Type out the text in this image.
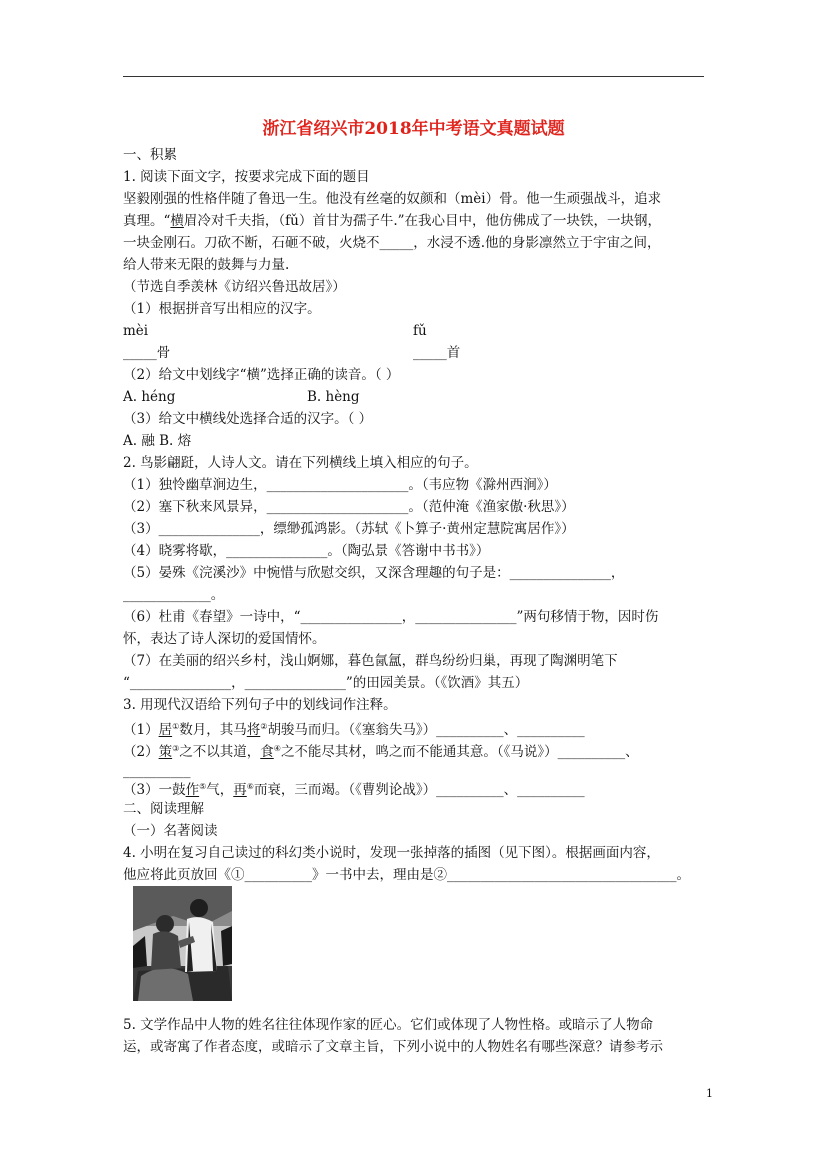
浙江省绍兴市2018年中考语文真题试题
一、积累
1. 阅读下面文字，按要求完成下面的题目
坚毅刚强的性格伴随了鲁迅一生。他没有丝毫的奴颜和（mèi）骨。他一生顽强战斗，追求
真理。“横眉冷对千夫指，（fǔ）首甘为孺子牛.”在我心目中，他仿佛成了一块铁，一块钢，
一块金刚石。刀砍不断，石砸不破，火烧不_____，水浸不透.他的身影凛然立于宇宙之间，
给人带来无限的鼓舞与力量.
（节选自季羡林《访绍兴鲁迅故居》）
（1）根据拼音写出相应的汉字。
mèi	fǔ
_____骨	_____首
（2）给文中划线字“横”选择正确的读音。（ ）
A. héng	B. hèng
（3）给文中横线处选择合适的汉字。（ ）
A. 融 B. 熔
2. 鸟影翩跹，人诗人文。请在下列横线上填入相应的句子。
（1）独怜幽草涧边生，_____________________。（韦应物《滁州西涧》）
（2）塞下秋来风景异，_____________________。（范仲淹《渔家傲·秋思》）
（3）_______________，缥缈孤鸿影。（苏轼《卜算子·黄州定慧院寓居作》）
（4）晓雾将歇，_______________。（陶弘景《答谢中书书》）
（5）晏殊《浣溪沙》中惋惜与欣慰交织，又深含理趣的句子是：_______________，
_____________。
（6）杜甫《春望》一诗中，“_______________，_______________”两句移情于物，因时伤
怀，表达了诗人深切的爱国情怀。
（7）在美丽的绍兴乡村，浅山婀娜，暮色氤氲，群鸟纷纷归巢，再现了陶渊明笔下
“_______________，_______________”的田园美景。（《饮酒》其五）
3. 用现代汉语给下列句子中的划线词作注释。
（1）居①数月，其马将②胡骏马而归。（《塞翁失马》）__________、__________
（2）策③之不以其道，食④之不能尽其材，鸣之而不能通其意。（《马说》）__________、
__________
（3）一鼓作⑤气，再⑥而衰，三而竭。（《曹刿论战》）__________、__________
二、阅读理解
（一）名著阅读
4. 小明在复习自己读过的科幻类小说时，发现一张掉落的插图（见下图）。根据画面内容，
他应将此页放回《①__________》一书中去，理由是②__________________________________。
5. 文学作品中人物的姓名往往体现作家的匠心。它们或体现了人物性格。或暗示了人物命
运，或寄寓了作者态度，或暗示了文章主旨，下列小说中的人物姓名有哪些深意？请参考示
1
